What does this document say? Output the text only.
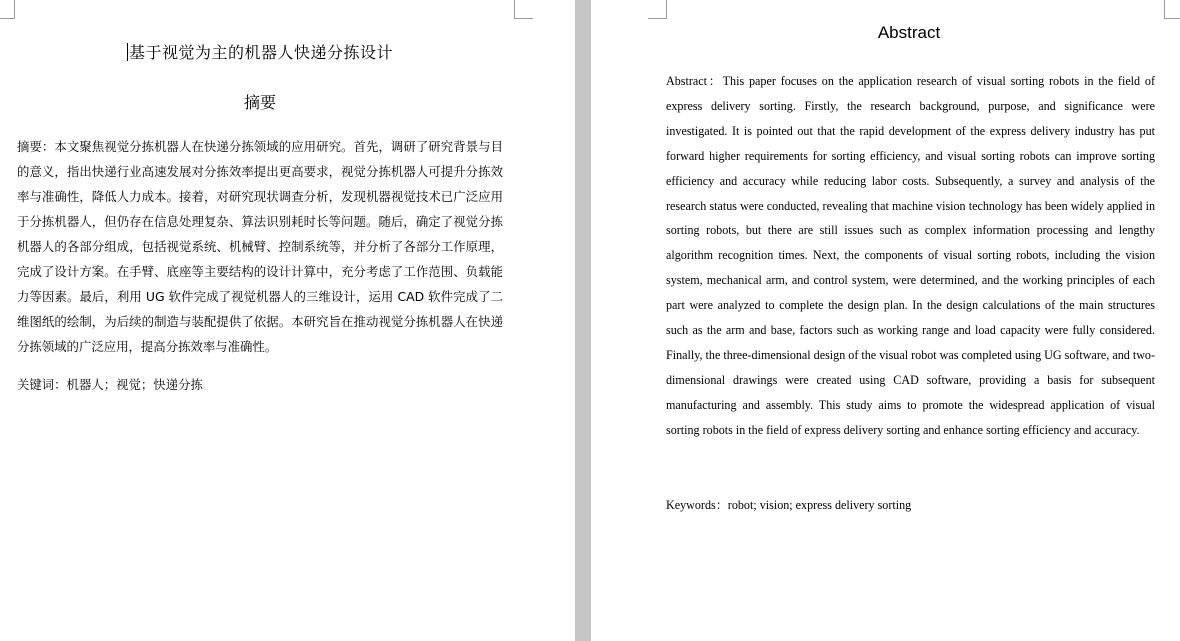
基于视觉为主的机器人快递分拣设计
摘要

摘要：本文聚焦视觉分拣机器人在快递分拣领域的应用研究。首先，调研了研究背景与目的意义，指出快递行业高速发展对分拣效率提出更高要求，视觉分拣机器人可提升分拣效率与准确性，降低人力成本。接着，对研究现状调查分析，发现机器视觉技术已广泛应用于分拣机器人，但仍存在信息处理复杂、算法识别耗时长等问题。随后，确定了视觉分拣机器人的各部分组成，包括视觉系统、机械臂、控制系统等，并分析了各部分工作原理，完成了设计方案。在手臂、底座等主要结构的设计计算中，充分考虑了工作范围、负载能力等因素。最后，利用 UG 软件完成了视觉机器人的三维设计，运用 CAD 软件完成了二维图纸的绘制，为后续的制造与装配提供了依据。本研究旨在推动视觉分拣机器人在快递分拣领域的广泛应用，提高分拣效率与准确性。

关键词：机器人；视觉；快递分拣

Abstract

Abstract：This paper focuses on the application research of visual sorting robots in the field of express delivery sorting. Firstly, the research background, purpose, and significance were investigated. It is pointed out that the rapid development of the express delivery industry has put forward higher requirements for sorting efficiency, and visual sorting robots can improve sorting efficiency and accuracy while reducing labor costs. Subsequently, a survey and analysis of the research status were conducted, revealing that machine vision technology has been widely applied in sorting robots, but there are still issues such as complex information processing and lengthy algorithm recognition times. Next, the components of visual sorting robots, including the vision system, mechanical arm, and control system, were determined, and the working principles of each part were analyzed to complete the design plan. In the design calculations of the main structures such as the arm and base, factors such as working range and load capacity were fully considered. Finally, the three-dimensional design of the visual robot was completed using UG software, and two-dimensional drawings were created using CAD software, providing a basis for subsequent manufacturing and assembly. This study aims to promote the widespread application of visual sorting robots in the field of express delivery sorting and enhance sorting efficiency and accuracy.

Keywords：robot; vision; express delivery sorting
